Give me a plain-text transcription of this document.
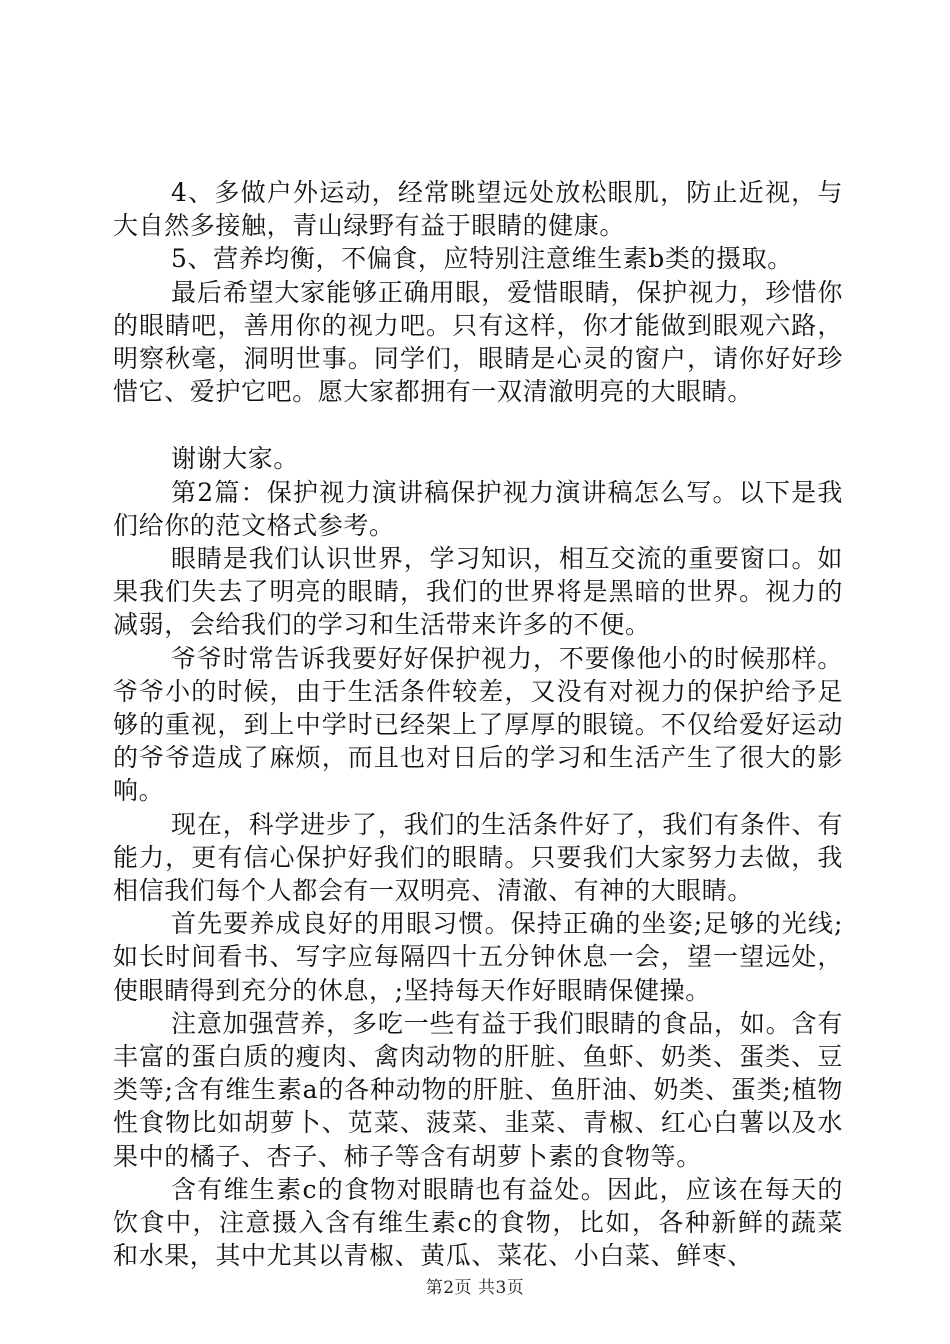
4、多做户外运动，经常眺望远处放松眼肌，防止近视，与大自然多接触，青山绿野有益于眼睛的健康。

5、营养均衡，不偏食，应特别注意维生素b类的摄取。

最后希望大家能够正确用眼，爱惜眼睛，保护视力，珍惜你的眼睛吧，善用你的视力吧。只有这样，你才能做到眼观六路，明察秋毫，洞明世事。同学们，眼睛是心灵的窗户，请你好好珍惜它、爱护它吧。愿大家都拥有一双清澈明亮的大眼睛。

谢谢大家。

第2篇：保护视力演讲稿保护视力演讲稿怎么写。以下是我们给你的范文格式参考。

眼睛是我们认识世界，学习知识，相互交流的重要窗口。如果我们失去了明亮的眼睛，我们的世界将是黑暗的世界。视力的减弱，会给我们的学习和生活带来许多的不便。

爷爷时常告诉我要好好保护视力，不要像他小的时候那样。爷爷小的时候，由于生活条件较差，又没有对视力的保护给予足够的重视，到上中学时已经架上了厚厚的眼镜。不仅给爱好运动的爷爷造成了麻烦，而且也对日后的学习和生活产生了很大的影响。

现在，科学进步了，我们的生活条件好了，我们有条件、有能力，更有信心保护好我们的眼睛。只要我们大家努力去做，我相信我们每个人都会有一双明亮、清澈、有神的大眼睛。

首先要养成良好的用眼习惯。保持正确的坐姿;足够的光线;如长时间看书、写字应每隔四十五分钟休息一会，望一望远处，使眼睛得到充分的休息，;坚持每天作好眼睛保健操。

注意加强营养，多吃一些有益于我们眼睛的食品，如。含有丰富的蛋白质的瘦肉、禽肉动物的肝脏、鱼虾、奶类、蛋类、豆类等;含有维生素a的各种动物的肝脏、鱼肝油、奶类、蛋类;植物性食物比如胡萝卜、苋菜、菠菜、韭菜、青椒、红心白薯以及水果中的橘子、杏子、柿子等含有胡萝卜素的食物等。

含有维生素c的食物对眼睛也有益处。因此，应该在每天的饮食中，注意摄入含有维生素c的食物，比如，各种新鲜的蔬菜和水果，其中尤其以青椒、黄瓜、菜花、小白菜、鲜枣、

第2页 共3页
